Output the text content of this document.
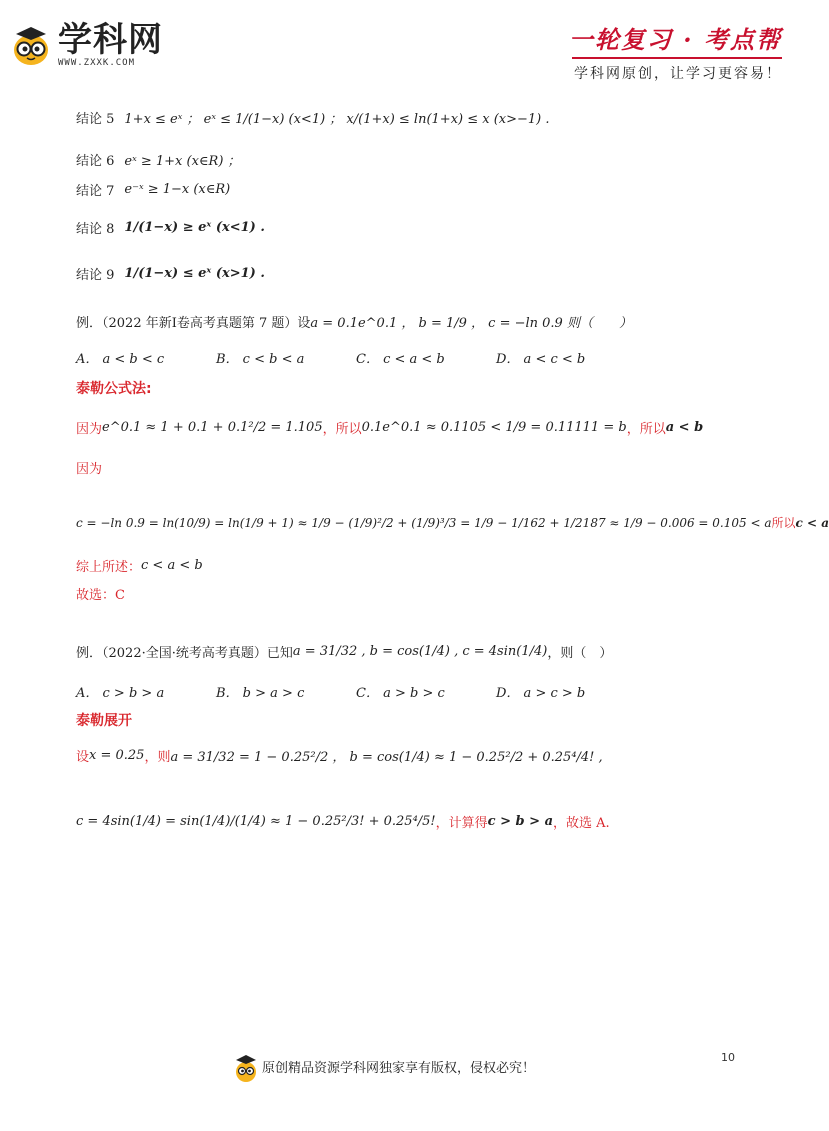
学科网
WWW.ZXXK.COM
一轮复习 · 考点帮
学科网原创，让学习更容易！
结论 5 1+x ≤ eˣ ； eˣ ≤ 1/(1−x) (x<1) ； x/(1+x) ≤ ln(1+x) ≤ x (x>−1) .
结论 6 eˣ ≥ 1+x (x∈R) ；
结论 7 e⁻ˣ ≥ 1−x (x∈R)
结论 8 1/(1−x) ≥ eˣ (x<1) .
结论 9 1/(1−x) ≤ eˣ (x>1) .
例．（2022 年新I卷高考真题第 7 题）设 a = 0.1e^0.1 ， b = 1/9 ， c = −ln 0.9 则（　　）
A． a < b < c	B． c < b < a	C． c < a < b	D． a < c < b
泰勒公式法:
因为 e^0.1 ≈ 1 + 0.1 + 0.1²/2 = 1.105 ，所以 0.1e^0.1 ≈ 0.1105 < 1/9 = 0.11111 = b ，所以 a < b
因为
c = −ln 0.9 = ln(10/9) = ln(1/9 + 1) ≈ 1/9 − (1/9)²/2 + (1/9)³/3 = 1/9 − 1/162 + 1/2187 ≈ 1/9 − 0.006 = 0.105 < a 所以 c < a
综上所述： c < a < b
故选：C
例．（2022·全国·统考高考真题）已知 a = 31/32 , b = cos(1/4) , c = 4sin(1/4) ，则（　）
A． c > b > a	B． b > a > c	C． a > b > c	D． a > c > b
泰勒展开
设 x = 0.25 ，则 a = 31/32 = 1 − 0.25²/2 ， b = cos(1/4) ≈ 1 − 0.25²/2 + 0.25⁴/4! ,
c = 4sin(1/4) = sin(1/4)/(1/4) ≈ 1 − 0.25²/3! + 0.25⁴/5! ，计算得 c > b > a ，故选 A.
原创精品资源学科网独家享有版权，侵权必究！
10
